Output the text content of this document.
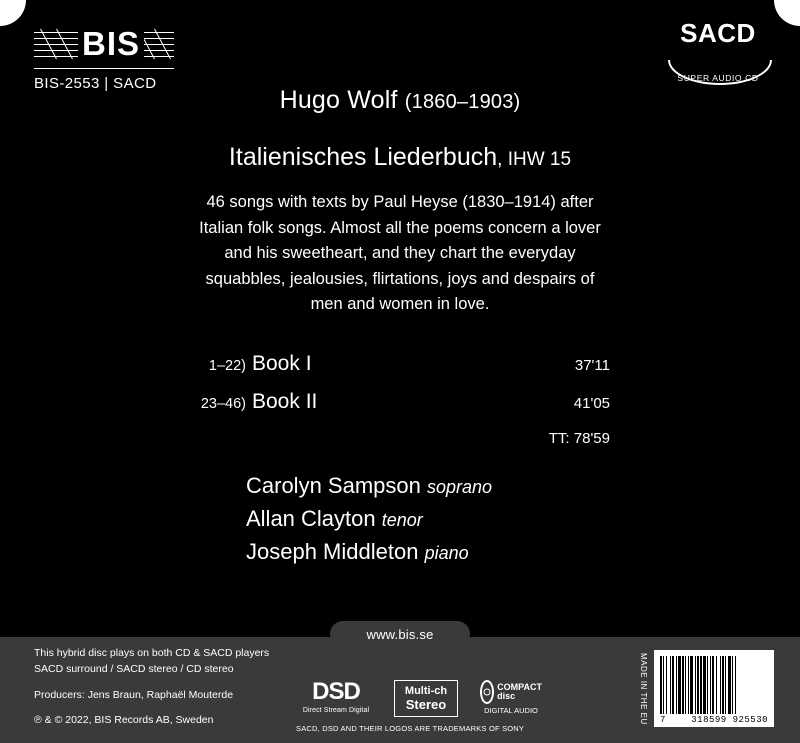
BIS
BIS-2553 | SACD
SACD
SUPER AUDIO CD
Hugo Wolf (1860–1903)
Italienisches Liederbuch, IHW 15
46 songs with texts by Paul Heyse (1830–1914) after Italian folk songs. Almost all the poems concern a lover and his sweetheart, and they chart the everyday squabbles, jealousies, flirtations, joys and despairs of men and women in love.
1–22) Book I	37'11
23–46) Book II	41'05
TT: 78'59
Carolyn Sampson soprano
Allan Clayton tenor
Joseph Middleton piano
www.bis.se
This hybrid disc plays on both CD & SACD players
SACD surround / SACD stereo / CD stereo
Producers: Jens Braun, Raphaël Mouterde
℗ & © 2022, BIS Records AB, Sweden
DSD
Direct Stream Digital
Multi-ch
Stereo
COMPACT
disc
DIGITAL AUDIO
SACD, DSD AND THEIR LOGOS ARE TRADEMARKS OF SONY
MADE IN THE EU 7	318599 925530
